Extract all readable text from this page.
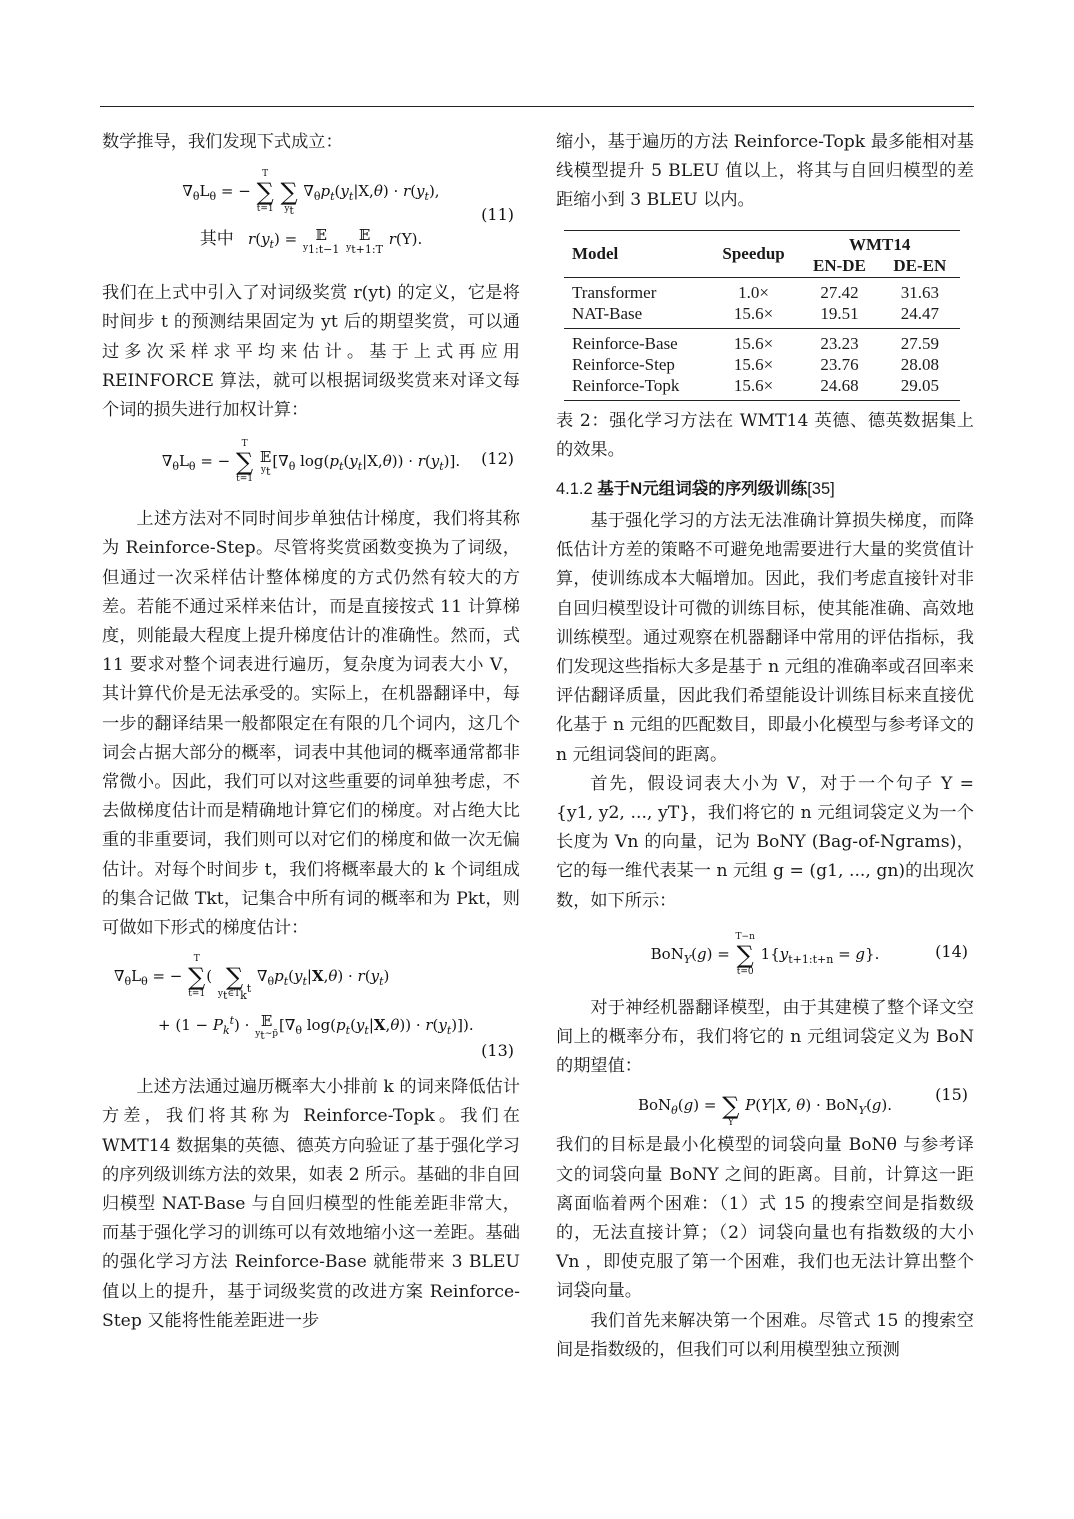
数学推导，我们发现下式成立：

$\nabla_\theta L_\theta$ = −
T
∑
t=1

∑
$y_t$
$\nabla_\theta p_t(y_t|X,\theta) \cdot r(y_t)$,
其中 $r(y_t)$ = 𝔼
$y_{1:t-1}$

𝔼
$y_{t+1:T}$
r(Y).
(11)

我们在上式中引入了对词级奖赏 r(yt) 的定义，它是将时间步 t 的预测结果固定为 yt 后的期望奖赏，可以通过多次采样求平均来估计。基于上式再应用 REINFORCE 算法，就可以根据词级奖赏来对译文每个词的损失进行加权计算：

$\nabla_\theta L_\theta$ = −
T
∑
t=1

𝔼
$y_t$
[$\nabla_\theta$ $\log(p_t(y_t|X,\theta)) \cdot r(y_t)$].	(12)

上述方法对不同时间步单独估计梯度，我们将其称为 Reinforce-Step。尽管将奖赏函数变换为了词级，但通过一次采样估计整体梯度的方式仍然有较大的方差。若能不通过采样来估计，而是直接按式 11 计算梯度，则能最大程度上提升梯度估计的准确性。然而，式 11 要求对整个词表进行遍历，复杂度为词表大小 V，其计算代价是无法承受的。实际上，在机器翻译中，每一步的翻译结果一般都限定在有限的几个词内，这几个词会占据大部分的概率，词表中其他词的概率通常都非常微小。因此，我们可以对这些重要的词单独考虑，不去做梯度估计而是精确地计算它们的梯度。对占绝大比重的非重要词，我们则可以对它们的梯度和做一次无偏估计。对每个时间步 t，我们将概率最大的 k 个词组成的集合记做 Tkt，记集合中所有词的概率和为 Pkt，则可做如下形式的梯度估计：

$\nabla_\theta L_\theta$ = −
T
∑
t=1
(
∑
$y_t\in T_k^t$
$\nabla_\theta p_t(y_t|X,\theta) \cdot r(y_t)$
+ $(1 - P_k^t)$ · 𝔼
$y_t\sim p̃$ [$\nabla_\theta$ $\log(p_t(y_t|X,\theta)) \cdot r(y_t)$]).
(13)

上述方法通过遍历概率大小排前 k 的词来降低估计方差，我们将其称为 Reinforce-Topk。我们在 WMT14 数据集的英德、德英方向验证了基于强化学习的序列级训练方法的效果，如表 2 所示。基础的非自回归模型 NAT-Base 与自回归模型的性能差距非常大，而基于强化学习的训练可以有效地缩小这一差距。基础的强化学习方法 Reinforce-Base 就能带来 3 BLEU 值以上的提升，基于词级奖赏的改进方案 Reinforce-Step 又能将性能差距进一步

缩小，基于遍历的方法 Reinforce-Topk 最多能相对基线模型提升 5 BLEU 值以上，将其与自回归模型的差距缩小到 3 BLEU 以内。

Model	Speedup	WMT14	
		EN-DE	DE-EN
Transformer	1.0×	27.42	31.63
NAT-Base	15.6×	19.51	24.47
Reinforce-Base	15.6×	23.23	27.59
Reinforce-Step	15.6×	23.76	28.08
Reinforce-Topk	15.6×	24.68	29.05

表 2：强化学习方法在 WMT14 英德、德英数据集上的效果。

4.1.2 基于N元组词袋的序列级训练[35]

基于强化学习的方法无法准确计算损失梯度，而降低估计方差的策略不可避免地需要进行大量的奖赏值计算，使训练成本大幅增加。因此，我们考虑直接针对非自回归模型设计可微的训练目标，使其能准确、高效地训练模型。通过观察在机器翻译中常用的评估指标，我们发现这些指标大多是基于 n 元组的准确率或召回率来评估翻译质量，因此我们希望能设计训练目标来直接优化基于 n 元组的匹配数目，即最小化模型与参考译文的 n 元组词袋间的距离。

首先，假设词表大小为 V，对于一个句子 Y = {y1, y2, ..., yT}，我们将它的 n 元组词袋定义为一个长度为 Vn 的向量，记为 BoNY (Bag-of-Ngrams)，它的每一维代表某一 n 元组 g = (g1, ..., gn)的出现次数，如下所示：

BoN$_Y$(g) =
T−n
∑
t=0
$1\{y_{t+1:t+n} = g\}$.	(14)

对于神经机器翻译模型，由于其建模了整个译文空间上的概率分布，我们将它的 n 元组词袋定义为 BoN 的期望值：

BoN$_\theta$(g) =
∑
Y
P(Y|X, θ) · BoN$_Y$(g).
(15)

我们的目标是最小化模型的词袋向量 BoNθ 与参考译文的词袋向量 BoNY 之间的距离。目前，计算这一距离面临着两个困难：（1）式 15 的搜索空间是指数级的，无法直接计算；（2）词袋向量也有指数级的大小 Vn ，即使克服了第一个困难，我们也无法计算出整个词袋向量。

我们首先来解决第一个困难。尽管式 15 的搜索空间是指数级的，但我们可以利用模型独立预测
